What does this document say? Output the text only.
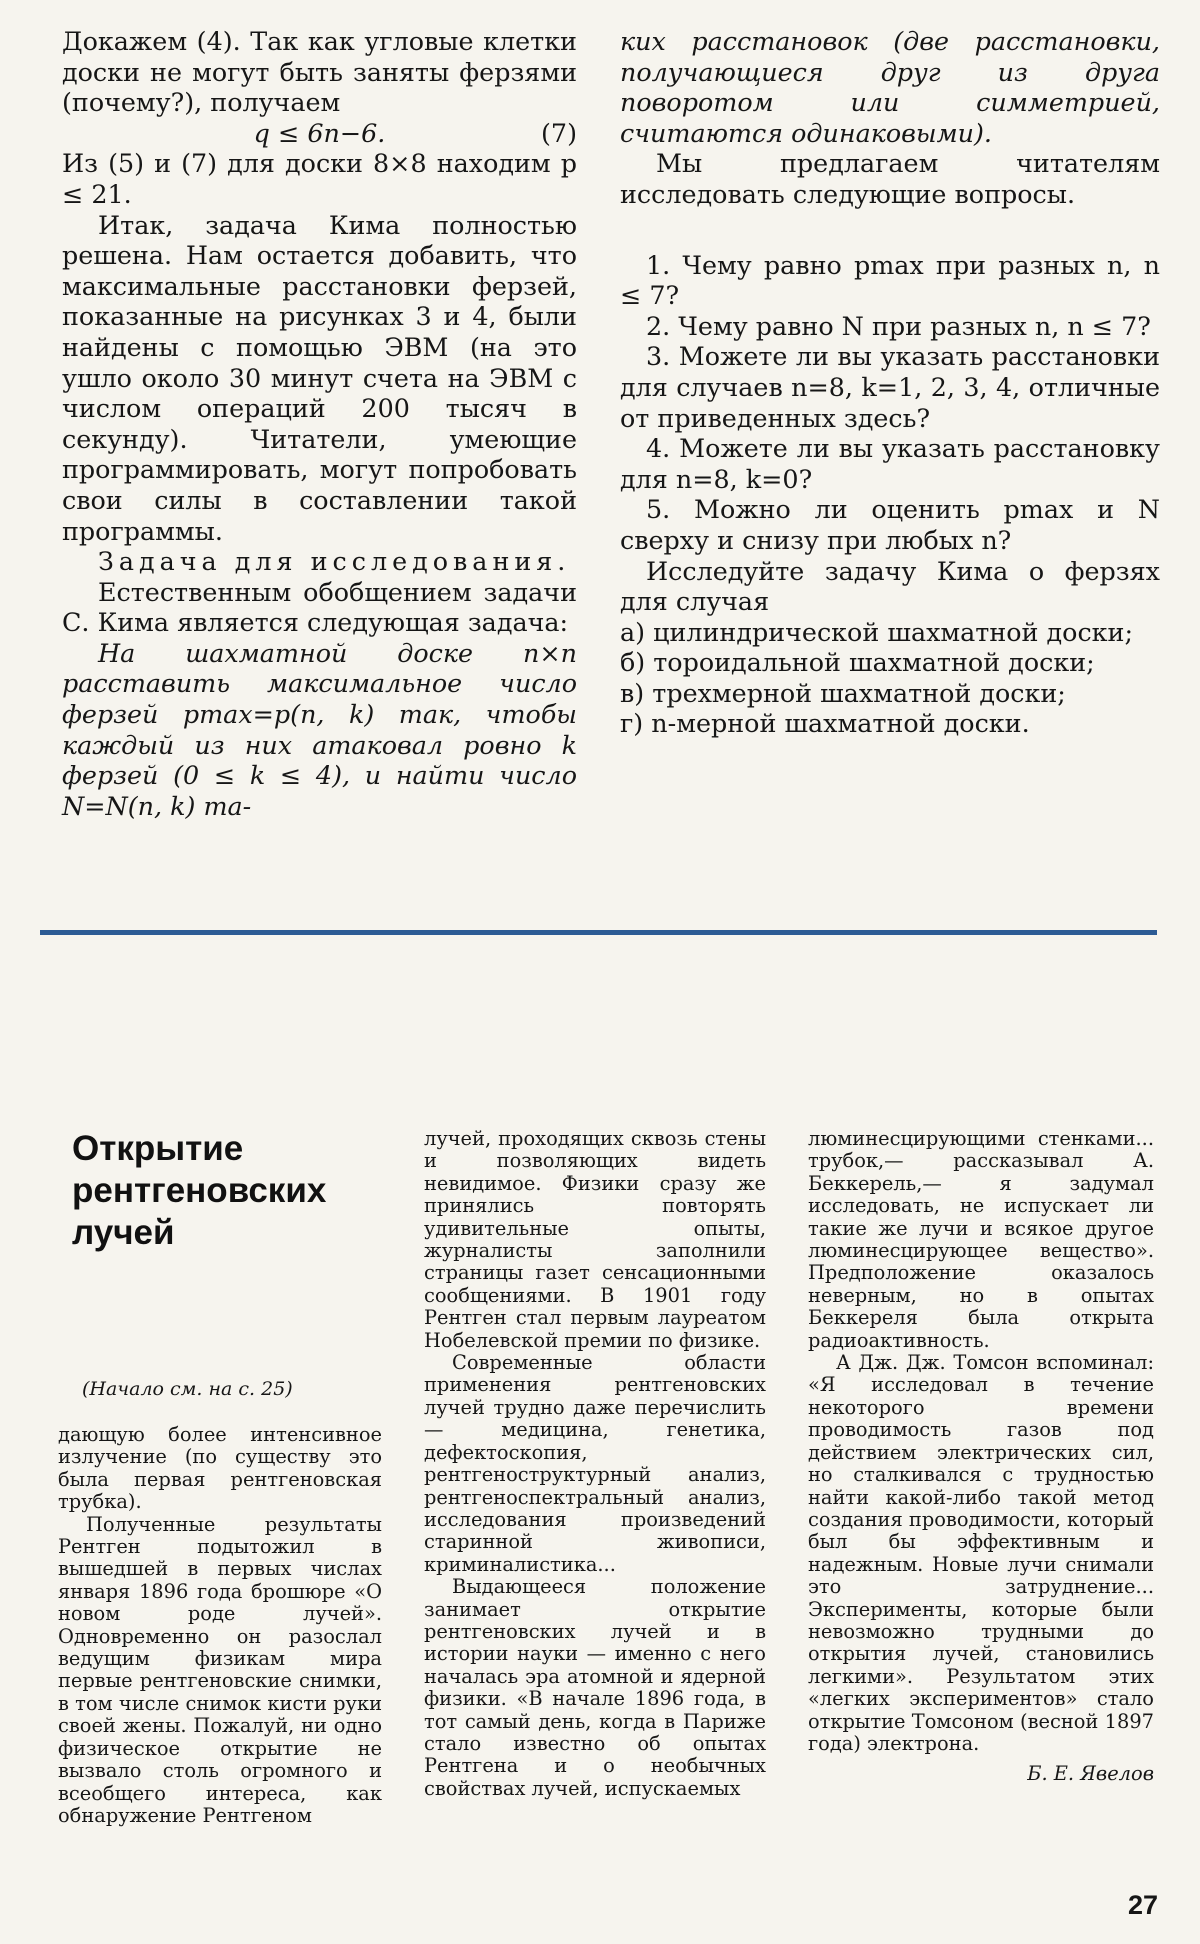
Докажем (4). Так как угловые клетки доски не могут быть заняты ферзями (почему?), получаем

q ≤ 6n−6.	(7)

Из (5) и (7) для доски 8×8 находим p ≤ 21.

Итак, задача Кима полностью решена. Нам остается добавить, что максимальные расстановки ферзей, показанные на рисунках 3 и 4, были найдены с помощью ЭВМ (на это ушло около 30 минут счета на ЭВМ с числом операций 200 тысяч в секунду). Читатели, умеющие программировать, могут попробовать свои силы в составлении такой программы.

Задача для исследования.

Естественным обобщением задачи С. Кима является следующая задача:

На шахматной доске n×n расставить максимальное число ферзей pmax=p(n, k) так, чтобы каждый из них атаковал ровно k ферзей (0 ≤ k ≤ 4), и найти число N=N(n, k) та-

ких расстановок (две расстановки, получающиеся друг из друга поворотом или симметрией, считаются одинаковыми).

Мы предлагаем читателям исследовать следующие вопросы.

1. Чему равно pmax при разных n, n ≤ 7?

2. Чему равно N при разных n, n ≤ 7?

3. Можете ли вы указать расстановки для случаев n=8, k=1, 2, 3, 4, отличные от приведенных здесь?

4. Можете ли вы указать расстановку для n=8, k=0?

5. Можно ли оценить pmax и N сверху и снизу при любых n?

Исследуйте задачу Кима о ферзях для случая

а) цилиндрической шахматной доски;

б) тороидальной шахматной доски;

в) трехмерной шахматной доски;

г) n-мерной шахматной доски.

Открытие рентгеновских лучей
(Начало см. на с. 25)

дающую более интенсивное излучение (по существу это была первая рентгеновская трубка).

Полученные результаты Рентген подытожил в вышедшей в первых числах января 1896 года брошюре «О новом роде лучей». Одновременно он разослал ведущим физикам мира первые рентгеновские снимки, в том числе снимок кисти руки своей жены. Пожалуй, ни одно физическое открытие не вызвало столь огромного и всеобщего интереса, как обнаружение Рентгеном

лучей, проходящих сквозь стены и позволяющих видеть невидимое. Физики сразу же принялись повторять удивительные опыты, журналисты заполнили страницы газет сенсационными сообщениями. В 1901 году Рентген стал первым лауреатом Нобелевской премии по физике.

Современные области применения рентгеновских лучей трудно даже перечислить — медицина, генетика, дефектоскопия, рентгеноструктурный анализ, рентгеноспектральный анализ, исследования произведений старинной живописи, криминалистика...

Выдающееся положение занимает открытие рентгеновских лучей и в истории науки — именно с него началась эра атомной и ядерной физики. «В начале 1896 года, в тот самый день, когда в Париже стало известно об опытах Рентгена и о необычных свойствах лучей, испускаемых

люминесцирующими стенками... трубок,— рассказывал А. Беккерель,— я задумал исследовать, не испускает ли такие же лучи и всякое другое люминесцирующее вещество». Предположение оказалось неверным, но в опытах Беккереля была открыта радиоактивность.

А Дж. Дж. Томсон вспоминал: «Я исследовал в течение некоторого времени проводимость газов под действием электрических сил, но сталкивался с трудностью найти какой-либо такой метод создания проводимости, который был бы эффективным и надежным. Новые лучи снимали это затруднение... Эксперименты, которые были невозможно трудными до открытия лучей, становились легкими». Результатом этих «легких экспериментов» стало открытие Томсоном (весной 1897 года) электрона.

Б. Е. Явелов

27
